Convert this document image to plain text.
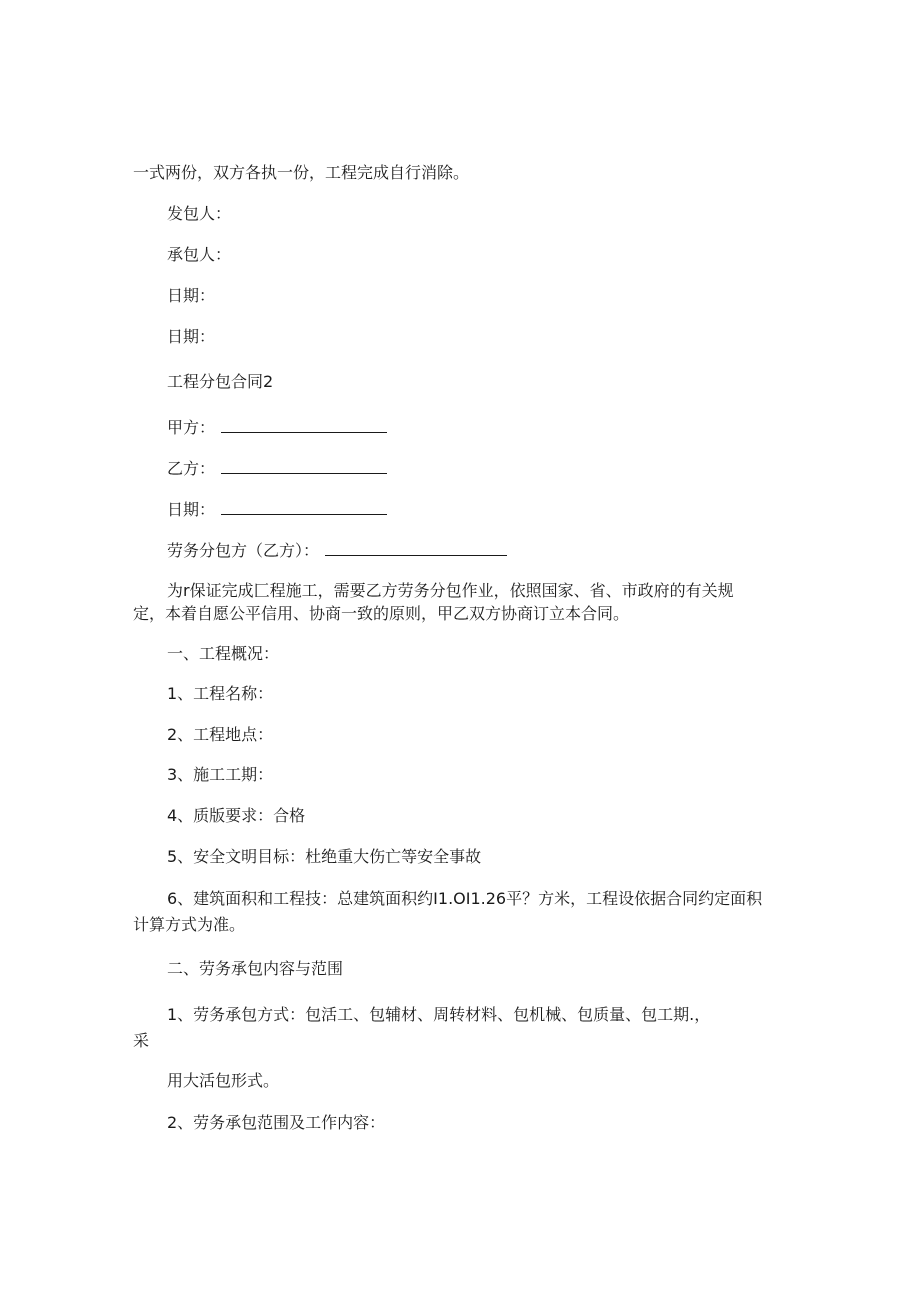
一式两份，双方各执一份，工程完成自行消除。
发包人：
承包人：
日期：
日期：
工程分包合同2
甲方：
乙方：
日期：
劳务分包方（乙方）：
为r保证完成匚程施工，需要乙方劳务分包作业，依照国家、省、市政府的有关规
定，本着自愿公平信用、协商一致的原则，甲乙双方协商订立本合同。
一、工程概况：
1、工程名称：
2、工程地点：
3、施工工期：
4、质版要求：合格
5、安全文明目标：杜绝重大伤亡等安全事故
6、建筑面积和工程技：总建筑面积约I1.OI1.26平？方米，工程设依据合同约定面积
计算方式为准。
二、劳务承包内容与范围
1、劳务承包方式：包活工、包辅材、周转材料、包机械、包质量、包工期.，
采
用大活包形式。
2、劳务承包范围及工作内容：
